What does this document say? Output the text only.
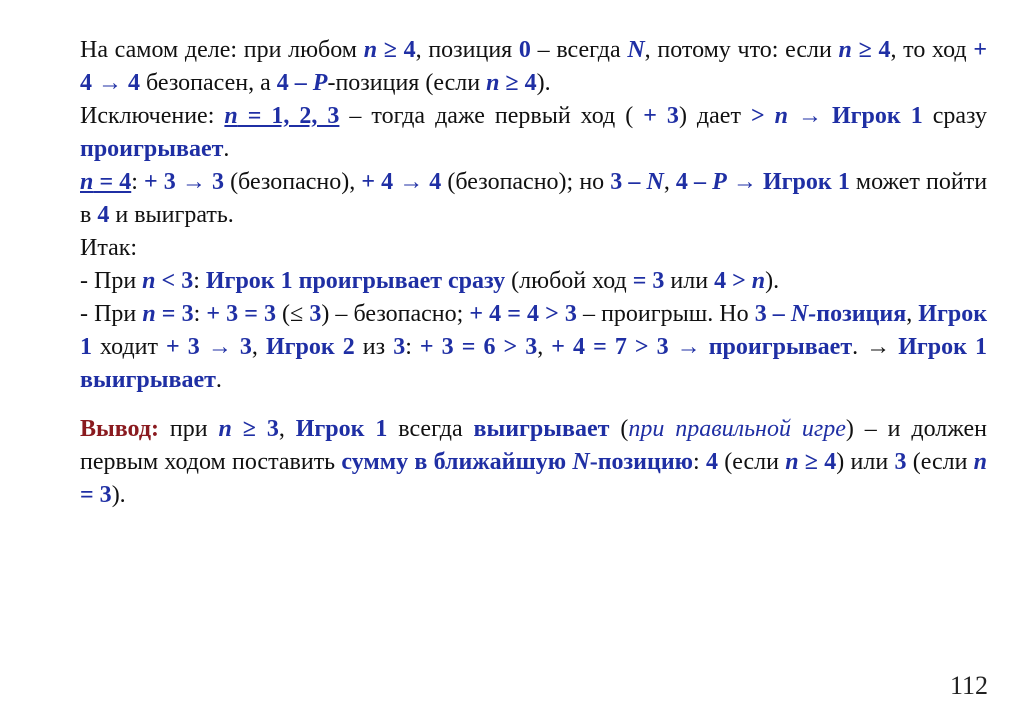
На самом деле: при любом n ≥ 4, позиция 0 – всегда N, потому что: если n ≥ 4, то ход + 4 → 4 безопасен, а 4 – P-позиция (если n ≥ 4).

Исключение: n = 1, 2, 3 – тогда даже первый ход ( + 3) дает > n → Игрок 1 сразу проигрывает.

n = 4: + 3 → 3 (безопасно), + 4 → 4 (безопасно); но 3 – N, 4 – P → Игрок 1 может пойти в 4 и выиграть.

Итак:

- При n < 3: Игрок 1 проигрывает сразу (любой ход = 3 или 4 > n).

- При n = 3: + 3 = 3 (≤ 3) – безопасно; + 4 = 4 > 3 – проигрыш. Но 3 – N-позиция, Игрок 1 ходит + 3 → 3, Игрок 2 из 3: + 3 = 6 > 3, + 4 = 7 > 3 → проигрывает. → Игрок 1 выигрывает.

Вывод: при n ≥ 3, Игрок 1 всегда выигрывает (при правильной игре) – и должен первым ходом поставить сумму в ближайшую N-позицию: 4 (если n ≥ 4) или 3 (если n = 3).

112
